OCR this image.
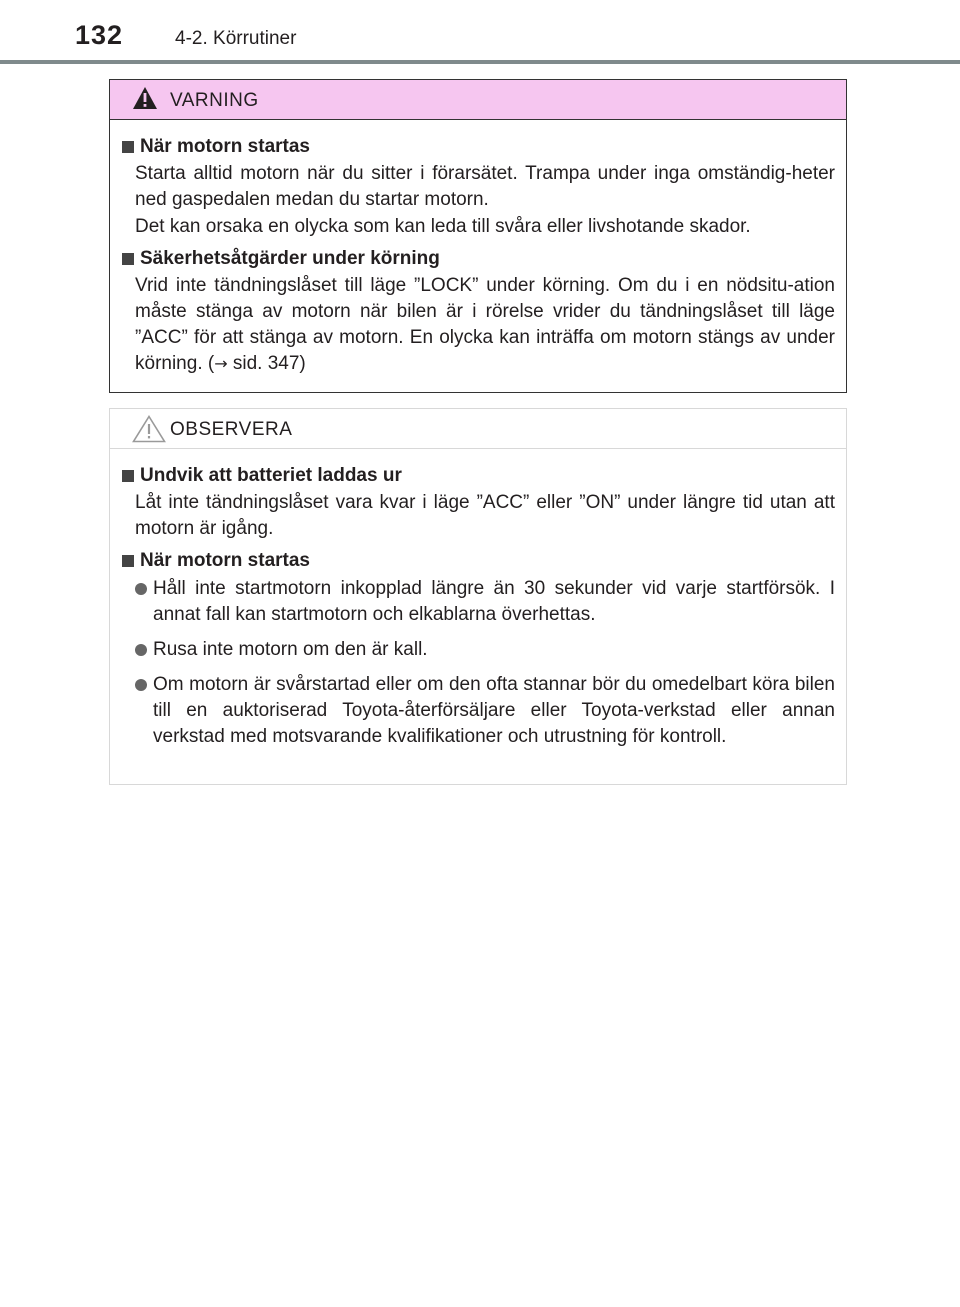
132	4-2. Körrutiner
VARNING
När motorn startas
Starta alltid motorn när du sitter i förarsätet. Trampa under inga omständig-heter ned gaspedalen medan du startar motorn.
Det kan orsaka en olycka som kan leda till svåra eller livshotande skador.
Säkerhetsåtgärder under körning
Vrid inte tändningslåset till läge ”LOCK” under körning. Om du i en nödsitu-ation måste stänga av motorn när bilen är i rörelse vrider du tändningslåset till läge ”ACC” för att stänga av motorn. En olycka kan inträffa om motorn stängs av under körning. (→ sid. 347)
OBSERVERA
Undvik att batteriet laddas ur
Låt inte tändningslåset vara kvar i läge ”ACC” eller ”ON” under längre tid utan att motorn är igång.
När motorn startas
Håll inte startmotorn inkopplad längre än 30 sekunder vid varje startförsök. I annat fall kan startmotorn och elkablarna överhettas.
Rusa inte motorn om den är kall.
Om motorn är svårstartad eller om den ofta stannar bör du omedelbart köra bilen till en auktoriserad Toyota-återförsäljare eller Toyota-verkstad eller annan verkstad med motsvarande kvalifikationer och utrustning för kontroll.
